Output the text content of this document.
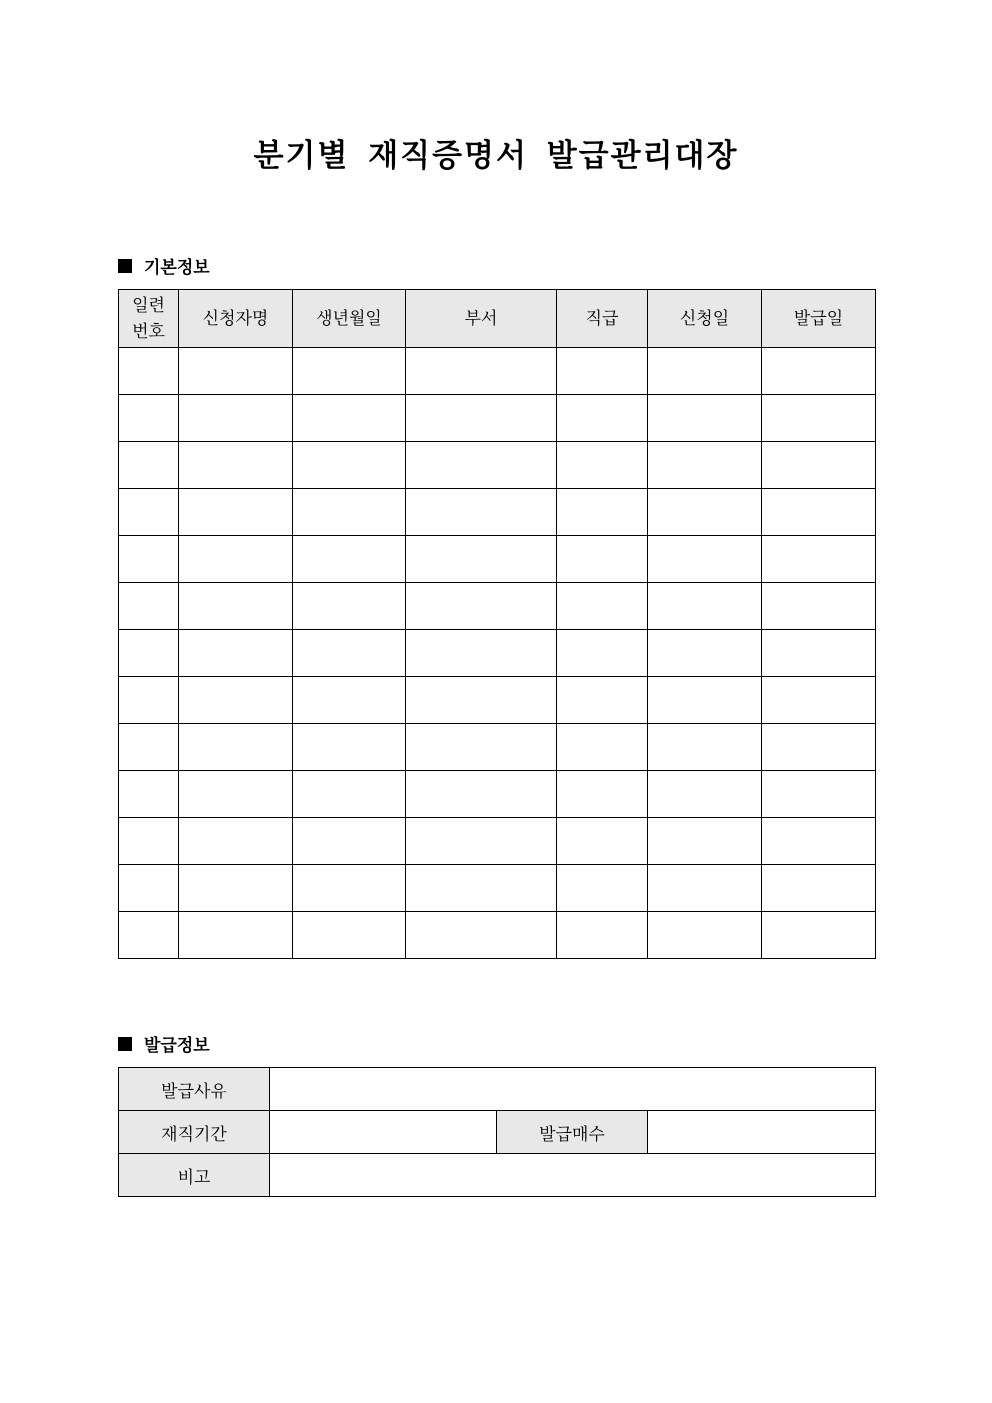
분기별 재직증명서 발급관리대장
기본정보
일련
번호	신청자명	생년월일	부서	직급	신청일	발급일

발급정보
발급사유			
재직기간		발급매수	
비고			
